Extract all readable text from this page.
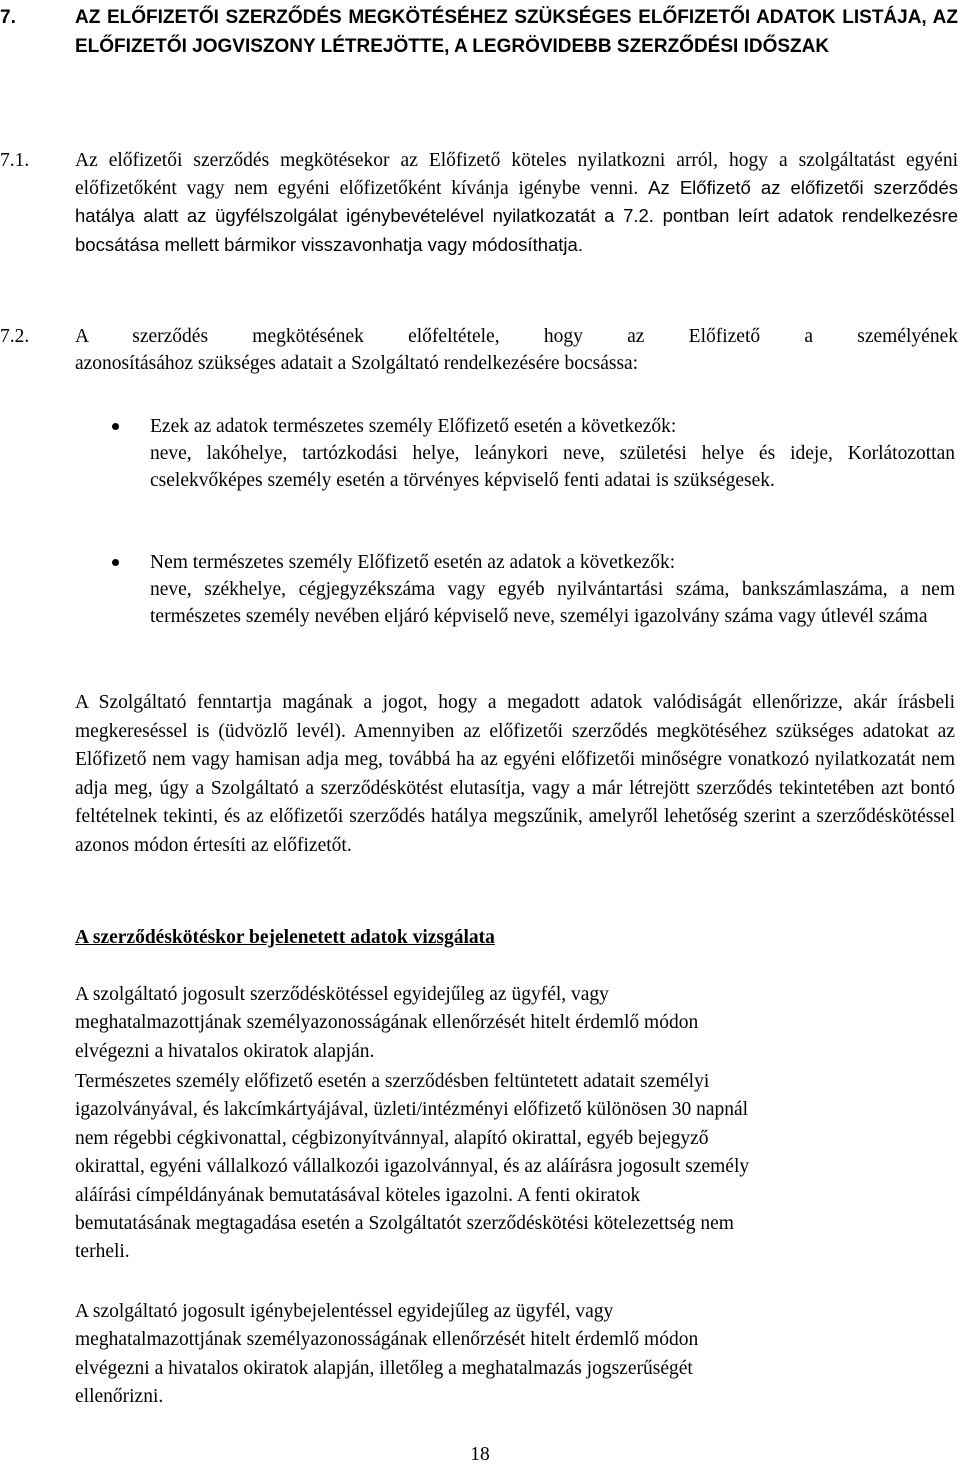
7.	AZ ELŐFIZETŐI SZERZŐDÉS MEGKÖTÉSÉHEZ SZÜKSÉGES ELŐFIZETŐI ADATOK LISTÁJA, AZ ELŐFIZETŐI JOGVISZONY LÉTREJÖTTE, A LEGRÖVIDEBB SZERZŐDÉSI IDŐSZAK
7.1. Az előfizetői szerződés megkötésekor az Előfizető köteles nyilatkozni arról, hogy a szolgáltatást egyéni előfizetőként vagy nem egyéni előfizetőként kívánja igénybe venni. Az Előfizető az előfizetői szerződés hatálya alatt az ügyfélszolgálat igénybevételével nyilatkozatát a 7.2. pontban leírt adatok rendelkezésre bocsátása mellett bármikor visszavonhatja vagy módosíthatja.
7.2. A szerződés megkötésének előfeltétele, hogy az Előfizető a személyének
azonosításához szükséges adatait a Szolgáltató rendelkezésére bocsássa:
Ezek az adatok természetes személy Előfizető esetén a következők:
neve, lakóhelye, tartózkodási helye, leánykori neve, születési helye és ideje, Korlátozottan cselekvőképes személy esetén a törvényes képviselő fenti adatai is szükségesek.
Nem természetes személy Előfizető esetén az adatok a következők:
neve, székhelye, cégjegyzékszáma vagy egyéb nyilvántartási száma, bankszámlaszáma, a nem természetes személy nevében eljáró képviselő neve, személyi igazolvány száma vagy útlevél száma
A Szolgáltató fenntartja magának a jogot, hogy a megadott adatok valódiságát ellenőrizze, akár írásbeli megkereséssel is (üdvözlő levél). Amennyiben az előfizetői szerződés megkötéséhez szükséges adatokat az Előfizető nem vagy hamisan adja meg, továbbá ha az egyéni előfizetői minőségre vonatkozó nyilatkozatát nem adja meg, úgy a Szolgáltató a szerződéskötést elutasítja, vagy a már létrejött szerződés tekintetében azt bontó feltételnek tekinti, és az előfizetői szerződés hatálya megszűnik, amelyről lehetőség szerint a szerződéskötéssel azonos módon értesíti az előfizetőt.
A szerződéskötéskor bejelenetett adatok vizsgálata
A szolgáltató jogosult szerződéskötéssel egyidejűleg az ügyfél, vagy
meghatalmazottjának személyazonosságának ellenőrzését hitelt érdemlő módon
elvégezni a hivatalos okiratok alapján.
Természetes személy előfizető esetén a szerződésben feltüntetett adatait személyi
igazolványával, és lakcímkártyájával, üzleti/intézményi előfizető különösen 30 napnál
nem régebbi cégkivonattal, cégbizonyítvánnyal, alapító okirattal, egyéb bejegyző
okirattal, egyéni vállalkozó vállalkozói igazolvánnyal, és az aláírásra jogosult személy
aláírási címpéldányának bemutatásával köteles igazolni. A fenti okiratok
bemutatásának megtagadása esetén a Szolgáltatót szerződéskötési kötelezettség nem
terheli.
A szolgáltató jogosult igénybejelentéssel egyidejűleg az ügyfél, vagy
meghatalmazottjának személyazonosságának ellenőrzését hitelt érdemlő módon
elvégezni a hivatalos okiratok alapján, illetőleg a meghatalmazás jogszerűségét
ellenőrizni.
18
